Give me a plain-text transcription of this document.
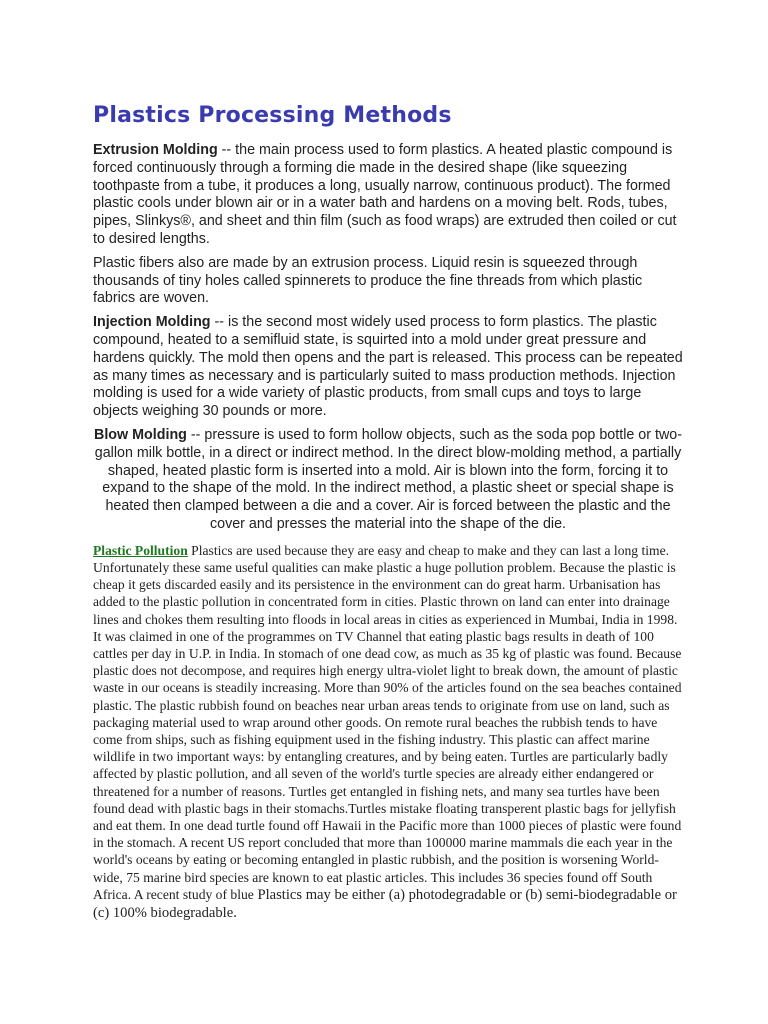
Plastics Processing Methods

Extrusion Molding -- the main process used to form plastics. A heated plastic compound is forced continuously through a forming die made in the desired shape (like squeezing toothpaste from a tube, it produces a long, usually narrow, continuous product). The formed plastic cools under blown air or in a water bath and hardens on a moving belt. Rods, tubes, pipes, Slinkys®, and sheet and thin film (such as food wraps) are extruded then coiled or cut to desired lengths.

Plastic fibers also are made by an extrusion process. Liquid resin is squeezed through thousands of tiny holes called spinnerets to produce the fine threads from which plastic fabrics are woven.

Injection Molding -- is the second most widely used process to form plastics. The plastic compound, heated to a semifluid state, is squirted into a mold under great pressure and hardens quickly. The mold then opens and the part is released. This process can be repeated as many times as necessary and is particularly suited to mass production methods. Injection molding is used for a wide variety of plastic products, from small cups and toys to large objects weighing 30 pounds or more.

Blow Molding -- pressure is used to form hollow objects, such as the soda pop bottle or two-gallon milk bottle, in a direct or indirect method. In the direct blow-molding method, a partially shaped, heated plastic form is inserted into a mold. Air is blown into the form, forcing it to expand to the shape of the mold. In the indirect method, a plastic sheet or special shape is heated then clamped between a die and a cover. Air is forced between the plastic and the cover and presses the material into the shape of the die.

Plastic Pollution Plastics are used because they are easy and cheap to make and they can last a long time. Unfortunately these same useful qualities can make plastic a huge pollution problem. Because the plastic is cheap it gets discarded easily and its persistence in the environment can do great harm. Urbanisation has added to the plastic pollution in concentrated form in cities. Plastic thrown on land can enter into drainage lines and chokes them resulting into floods in local areas in cities as experienced in Mumbai, India in 1998. It was claimed in one of the programmes on TV Channel that eating plastic bags results in death of 100 cattles per day in U.P. in India. In stomach of one dead cow, as much as 35 kg of plastic was found. Because plastic does not decompose, and requires high energy ultra-violet light to break down, the amount of plastic waste in our oceans is steadily increasing. More than 90% of the articles found on the sea beaches contained plastic. The plastic rubbish found on beaches near urban areas tends to originate from use on land, such as packaging material used to wrap around other goods. On remote rural beaches the rubbish tends to have come from ships, such as fishing equipment used in the fishing industry. This plastic can affect marine wildlife in two important ways: by entangling creatures, and by being eaten. Turtles are particularly badly affected by plastic pollution, and all seven of the world's turtle species are already either endangered or threatened for a number of reasons. Turtles get entangled in fishing nets, and many sea turtles have been found dead with plastic bags in their stomachs.Turtles mistake floating transperent plastic bags for jellyfish and eat them. In one dead turtle found off Hawaii in the Pacific more than 1000 pieces of plastic were found in the stomach. A recent US report concluded that more than 100000 marine mammals die each year in the world's oceans by eating or becoming entangled in plastic rubbish, and the position is worsening World-wide, 75 marine bird species are known to eat plastic articles. This includes 36 species found off South Africa. A recent study of blue Plastics may be either (a) photodegradable or (b) semi-biodegradable or (c) 100% biodegradable.
